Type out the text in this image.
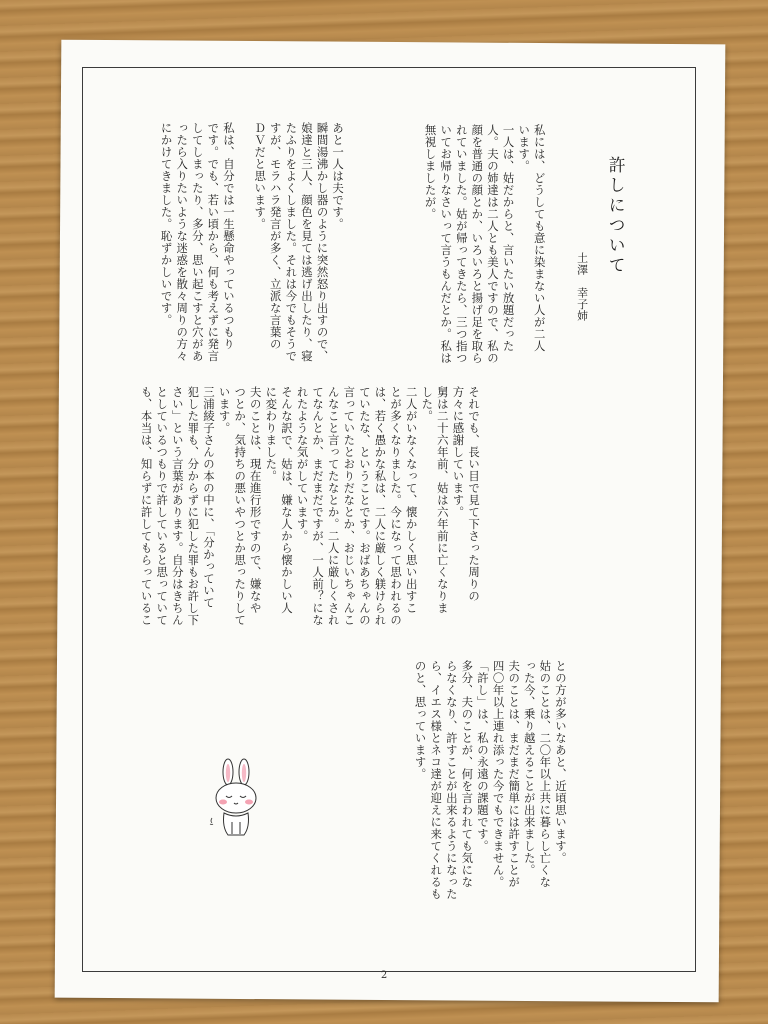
許しについて
土澤　幸子姉
私には、どうしても意に染まない人が二人
います。
一人は、姑だからと、言いたい放題だった
人。夫の姉達は二人とも美人ですので、私の
顔を普通の顔とか、いろいろと揚げ足を取ら
れていました。姑が帰ってきたら、三つ指つ
いてお帰りなさいって言うもんだとか。私は
無視しましたが。
あと一人は夫です。
瞬間湯沸かし器のように突然怒り出すので、
娘達と三人、顔色を見ては逃げ出したり、寝
たふりをよくしました。それは今でもそうで
すが、モラハラ発言が多く、立派な言葉の
ＤＶだと思います。

私は、自分では一生懸命やっているつもり
です。でも、若い頃から、何も考えずに発言
してしまったり、多分、思い起こすと穴があ
ったら入りたいような迷惑を散々周りの方々
にかけてきました。恥ずかしいです。
それでも、長い目で見て下さった周りの
方々に感謝しています。
舅は二十六年前、姑は六年前に亡くなりま
した。
二人がいなくなって、懐かしく思い出すこ
とが多くなりました。今になって思われるの
は、若く愚かな私は、二人に厳しく躾けられ
ていたな、ということです。おばあちゃんの
言っていたとおりだなとか、おじいちゃんこ
んなこと言ってたなとか。二人に厳しくされ
てなんとか、まだまだですが、一人前？にな
れたような気がしています。
そんな訳で、姑は、嫌な人から懐かしい人
に変わりました。
夫のことは、現在進行形ですので、嫌なや
つとか、気持ちの悪いやつとか思ったりして
います。
三浦綾子さんの本の中に、「分かっていて
犯した罪も、分からずに犯した罪もお許し下
さい」という言葉があります。自分はきちん
としているつもりで許していると思っていて
も、本当は、知らずに許してもらっているこ
との方が多いなあと、近頃思います。
姑のことは、二〇年以上共に暮らし亡くな
った今、乗り越えることが出来ました。
夫のことは、まだまだ簡単には許すことが
四〇年以上連れ添った今でもできません。
「許し」は、私の永遠の課題です。
多分、夫のことが、何を言われても気にな
らなくなり、許すことが出来るようになった
ら、イエス様とネコ達が迎えに来てくれるも
のと、思っています。
2
